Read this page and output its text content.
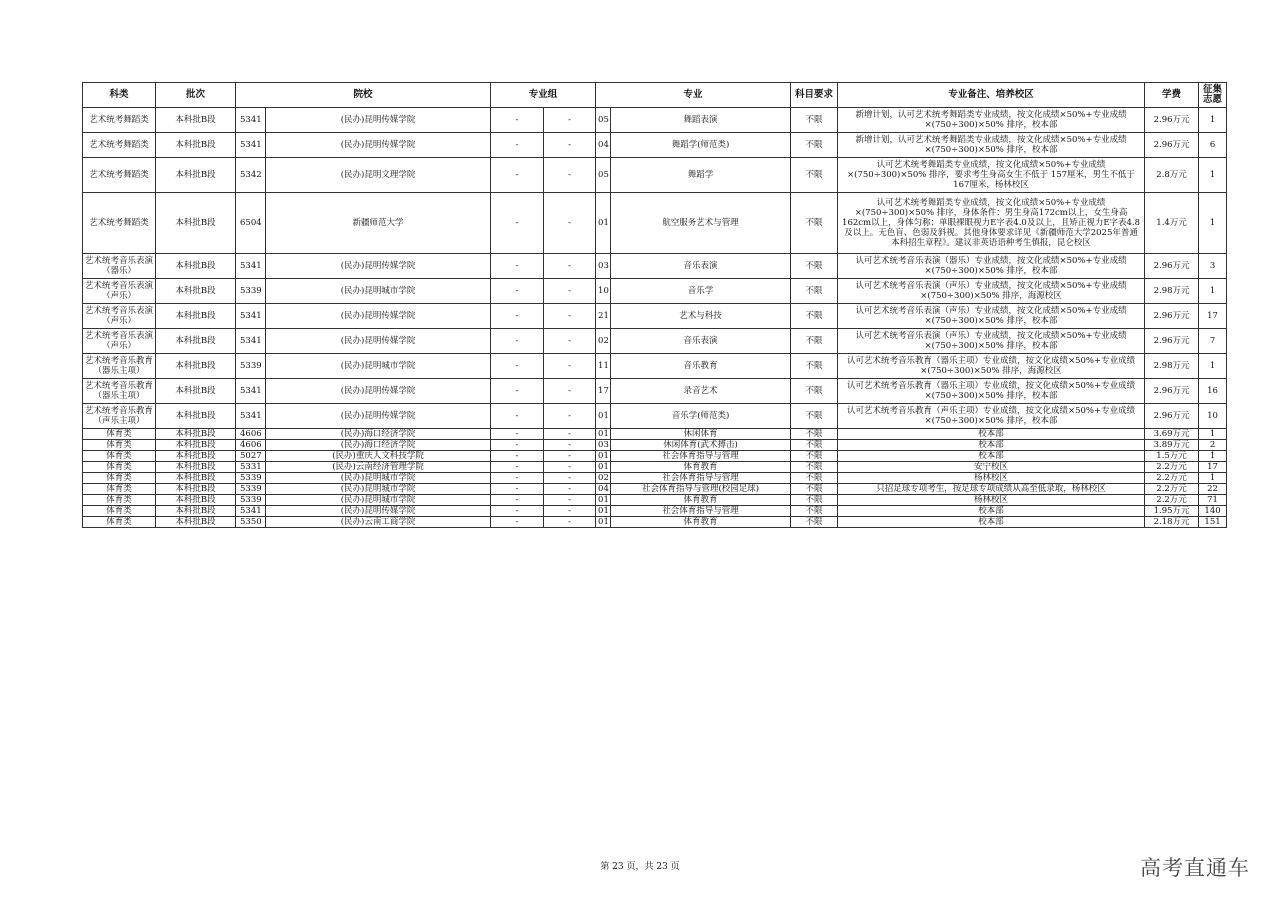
科类	批次	院校		专业组		专业		科目要求	专业备注、培养校区	学费	征集
志愿
艺术统考舞蹈类	本科批B段	5341	(民办)昆明传媒学院	-	-	05	舞蹈表演	不限	新增计划，认可艺术统考舞蹈类专业成绩，按文化成绩×50%+专业成绩×(750÷300)×50% 排序，校本部	2.96万元	1
艺术统考舞蹈类	本科批B段	5341	(民办)昆明传媒学院	-	-	04	舞蹈学(师范类)	不限	新增计划，认可艺术统考舞蹈类专业成绩，按文化成绩×50%+专业成绩×(750÷300)×50% 排序，校本部	2.96万元	6
艺术统考舞蹈类	本科批B段	5342	(民办)昆明文理学院	-	-	05	舞蹈学	不限	认可艺术统考舞蹈类专业成绩，按文化成绩×50%+专业成绩×(750÷300)×50% 排序，要求考生身高女生不低于 157厘米，男生不低于 167厘米，杨林校区	2.8万元	1
艺术统考舞蹈类	本科批B段	6504	新疆师范大学	-	-	01	航空服务艺术与管理	不限	认可艺术统考舞蹈类专业成绩，按文化成绩×50%+专业成绩×(750÷300)×50% 排序，身体条件：男生身高172cm以上，女生身高162cm以上，身体匀称；单眼裸眼视力E字表4.0及以上，且矫正视力E字表4.8及以上。无色盲、色弱及斜视。其他身体要求详见《新疆师范大学2025年普通本科招生章程》。建议非英语语种考生慎报，昆仑校区	1.4万元	1
艺术统考音乐表演（器乐）	本科批B段	5341	(民办)昆明传媒学院	-	-	03	音乐表演	不限	认可艺术统考音乐表演（器乐）专业成绩，按文化成绩×50%+专业成绩×(750÷300)×50% 排序，校本部	2.96万元	3
艺术统考音乐表演（声乐）	本科批B段	5339	(民办)昆明城市学院	-	-	10	音乐学	不限	认可艺术统考音乐表演（声乐）专业成绩，按文化成绩×50%+专业成绩×(750÷300)×50% 排序，海源校区	2.98万元	1
艺术统考音乐表演（声乐）	本科批B段	5341	(民办)昆明传媒学院	-	-	21	艺术与科技	不限	认可艺术统考音乐表演（声乐）专业成绩，按文化成绩×50%+专业成绩×(750÷300)×50% 排序，校本部	2.96万元	17
艺术统考音乐表演（声乐）	本科批B段	5341	(民办)昆明传媒学院	-	-	02	音乐表演	不限	认可艺术统考音乐表演（声乐）专业成绩，按文化成绩×50%+专业成绩×(750÷300)×50% 排序，校本部	2.96万元	7
艺术统考音乐教育（器乐主项）	本科批B段	5339	(民办)昆明城市学院	-	-	11	音乐教育	不限	认可艺术统考音乐教育（器乐主项）专业成绩，按文化成绩×50%+专业成绩×(750÷300)×50% 排序，海源校区	2.98万元	1
艺术统考音乐教育（器乐主项）	本科批B段	5341	(民办)昆明传媒学院	-	-	17	录音艺术	不限	认可艺术统考音乐教育（器乐主项）专业成绩，按文化成绩×50%+专业成绩×(750÷300)×50% 排序，校本部	2.96万元	16
艺术统考音乐教育（声乐主项）	本科批B段	5341	(民办)昆明传媒学院	-	-	01	音乐学(师范类)	不限	认可艺术统考音乐教育（声乐主项）专业成绩，按文化成绩×50%+专业成绩×(750÷300)×50% 排序，校本部	2.96万元	10
体育类	本科批B段	4606	(民办)海口经济学院	-	-	01	休闲体育	不限	校本部	3.69万元	1
体育类	本科批B段	4606	(民办)海口经济学院	-	-	03	休闲体育(武术搏击)	不限	校本部	3.89万元	2
体育类	本科批B段	5027	(民办)重庆人文科技学院	-	-	01	社会体育指导与管理	不限	校本部	1.5万元	1
体育类	本科批B段	5331	(民办)云南经济管理学院	-	-	01	体育教育	不限	安宁校区	2.2万元	17
体育类	本科批B段	5339	(民办)昆明城市学院	-	-	02	社会体育指导与管理	不限	杨林校区	2.2万元	1
体育类	本科批B段	5339	(民办)昆明城市学院	-	-	04	社会体育指导与管理(校园足球)	不限	只招足球专项考生，按足球专项成绩从高至低录取，杨林校区	2.2万元	22
体育类	本科批B段	5339	(民办)昆明城市学院	-	-	01	体育教育	不限	杨林校区	2.2万元	71
体育类	本科批B段	5341	(民办)昆明传媒学院	-	-	01	社会体育指导与管理	不限	校本部	1.95万元	140
体育类	本科批B段	5350	(民办)云南工商学院	-	-	01	体育教育	不限	校本部	2.18万元	151
第 23 页，共 23 页	高考直通车
